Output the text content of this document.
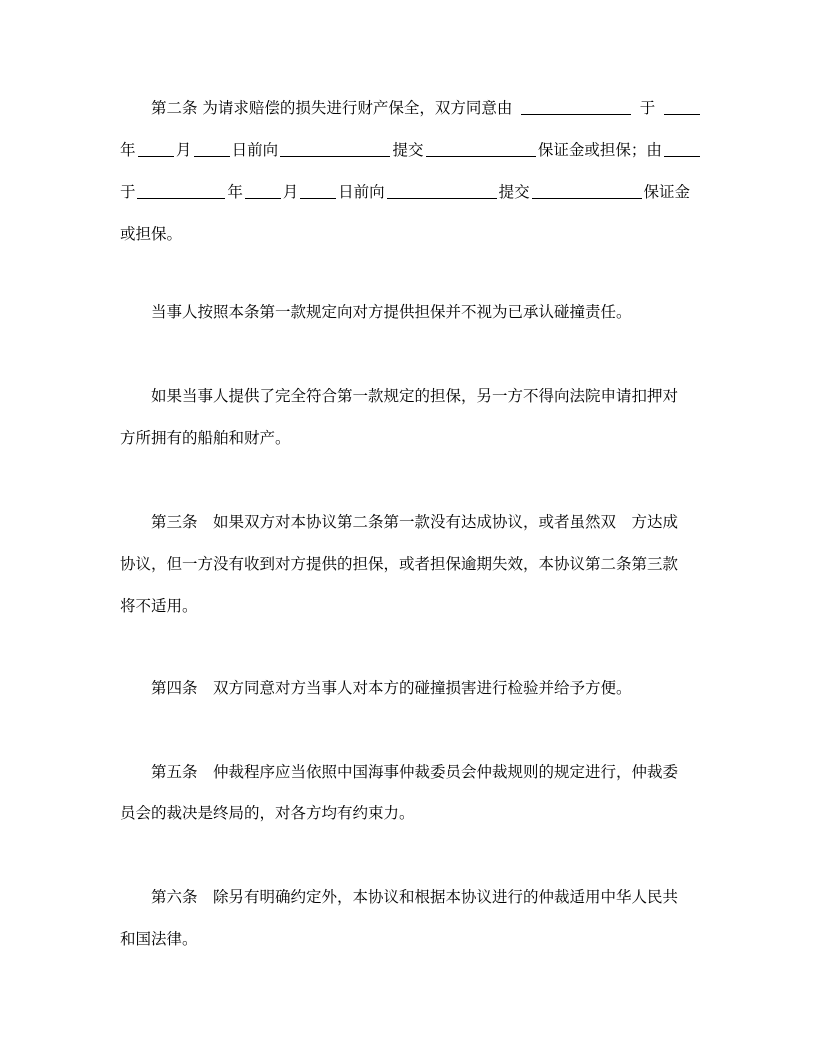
第二条 为请求赔偿的损失进行财产保全，双方同意由	于
年	月	日前向	提交	保证金或担保；由
于	年	月	日前向	提交	保证金
或担保。
当事人按照本条第一款规定向对方提供担保并不视为已承认碰撞责任。
如果当事人提供了完全符合第一款规定的担保，另一方不得向法院申请扣押对
方所拥有的船舶和财产。
第三条　如果双方对本协议第二条第一款没有达成协议，或者虽然双　方达成
协议，但一方没有收到对方提供的担保，或者担保逾期失效，本协议第二条第三款
将不适用。
第四条　双方同意对方当事人对本方的碰撞损害进行检验并给予方便。
第五条　仲裁程序应当依照中国海事仲裁委员会仲裁规则的规定进行，仲裁委
员会的裁决是终局的，对各方均有约束力。
第六条　除另有明确约定外，本协议和根据本协议进行的仲裁适用中华人民共
和国法律。
